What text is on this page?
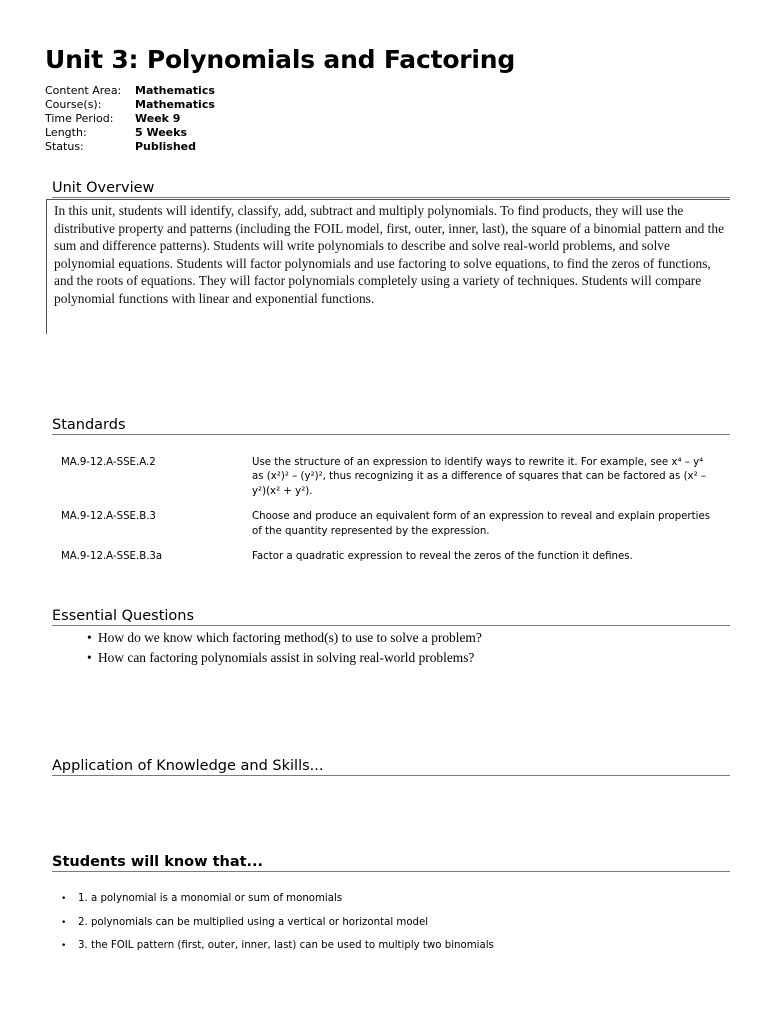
Unit 3: Polynomials and Factoring
Content Area:	Mathematics
Course(s):	Mathematics
Time Period:	Week 9
Length:	5 Weeks
Status:	Published
Unit Overview
In this unit, students will identify, classify, add, subtract and multiply polynomials. To find products, they will use the distributive property and patterns (including the FOIL model, first, outer, inner, last), the square of a binomial pattern and the sum and difference patterns). Students will write polynomials to describe and solve real-world problems, and solve polynomial equations. Students will factor polynomials and use factoring to solve equations, to find the zeros of functions, and the roots of equations. They will factor polynomials completely using a variety of techniques. Students will compare polynomial functions with linear and exponential functions.
Standards
MA.9-12.A-SSE.A.2	Use the structure of an expression to identify ways to rewrite it. For example, see x⁴ – y⁴ as (x²)² – (y²)², thus recognizing it as a difference of squares that can be factored as (x² – y²)(x² + y²).
MA.9-12.A-SSE.B.3	Choose and produce an equivalent form of an expression to reveal and explain properties of the quantity represented by the expression.
MA.9-12.A-SSE.B.3a	Factor a quadratic expression to reveal the zeros of the function it defines.
Essential Questions
• How do we know which factoring method(s) to use to solve a problem?
• How can factoring polynomials assist in solving real-world problems?
Application of Knowledge and Skills...
Students will know that...
• 1. a polynomial is a monomial or sum of monomials
• 2. polynomials can be multiplied using a vertical or horizontal model
• 3. the FOIL pattern (first, outer, inner, last) can be used to multiply two binomials
